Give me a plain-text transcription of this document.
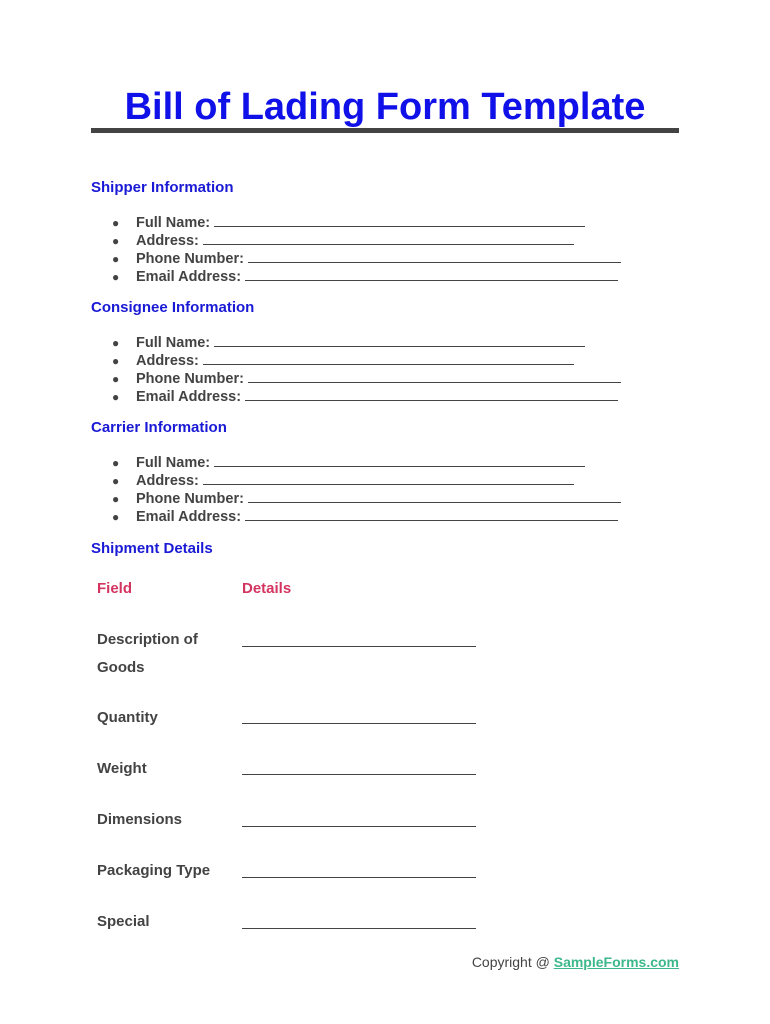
Bill of Lading Form Template
Shipper Information
●	Full Name:

●	Address:

●	Phone Number:

●	Email Address:

Consignee Information
●	Full Name:

●	Address:

●	Phone Number:

●	Email Address:

Carrier Information
●	Full Name:

●	Address:

●	Phone Number:

●	Email Address:

Shipment Details
Field	Details
Description of Goods
Quantity
Weight
Dimensions
Packaging Type
Special
Copyright @ SampleForms.com
